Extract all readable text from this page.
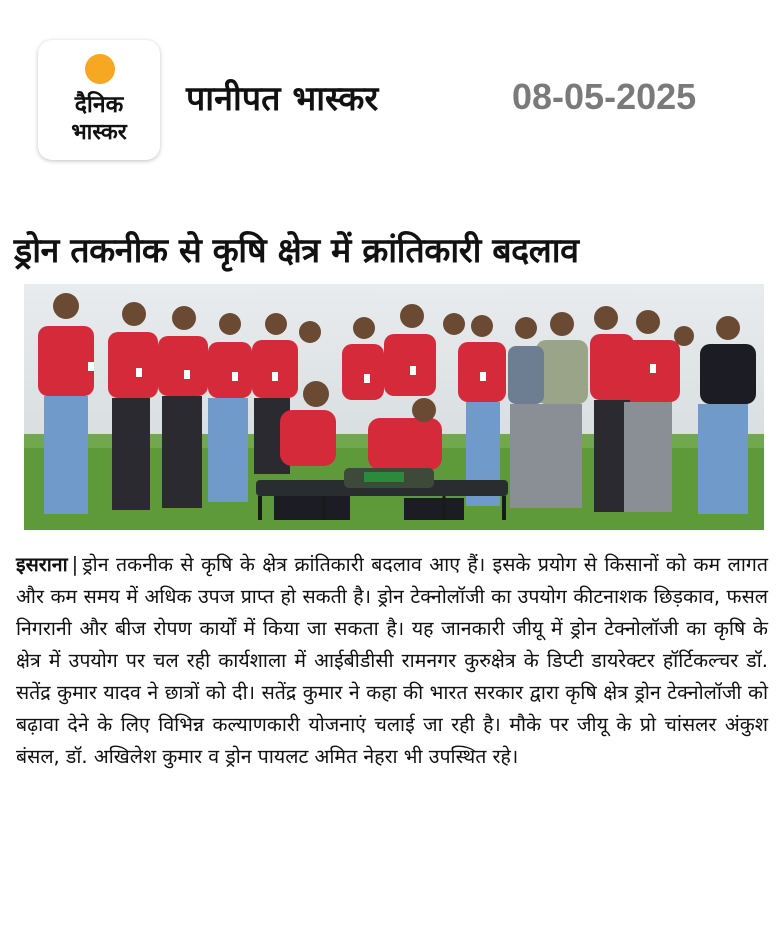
दैनिक
भास्कर
पानीपत भास्कर	08-05-2025
ड्रोन तकनीक से कृषि क्षेत्र में क्रांतिकारी बदलाव
इसराना | ड्रोन तकनीक से कृषि के क्षेत्र क्रांतिकारी बदलाव आए हैं। इसके प्रयोग से किसानों को कम लागत और कम समय में अधिक उपज प्राप्त हो सकती है। ड्रोन टेक्नोलॉजी का उपयोग कीटनाशक छिड़काव, फसल निगरानी और बीज रोपण कार्यों में किया जा सकता है। यह जानकारी जीयू में ड्रोन टेक्नोलॉजी का कृषि के क्षेत्र में उपयोग पर चल रही कार्यशाला में आईबीडीसी रामनगर कुरुक्षेत्र के डिप्टी डायरेक्टर हॉर्टिकल्चर डॉ. सतेंद्र कुमार यादव ने छात्रों को दी। सतेंद्र कुमार ने कहा की भारत सरकार द्वारा कृषि क्षेत्र ड्रोन टेक्नोलॉजी को बढ़ावा देने के लिए विभिन्न कल्याणकारी योजनाएं चलाई जा रही है। मौके पर जीयू के प्रो चांसलर अंकुश बंसल, डॉ. अखिलेश कुमार व ड्रोन पायलट अमित नेहरा भी उपस्थित रहे।
